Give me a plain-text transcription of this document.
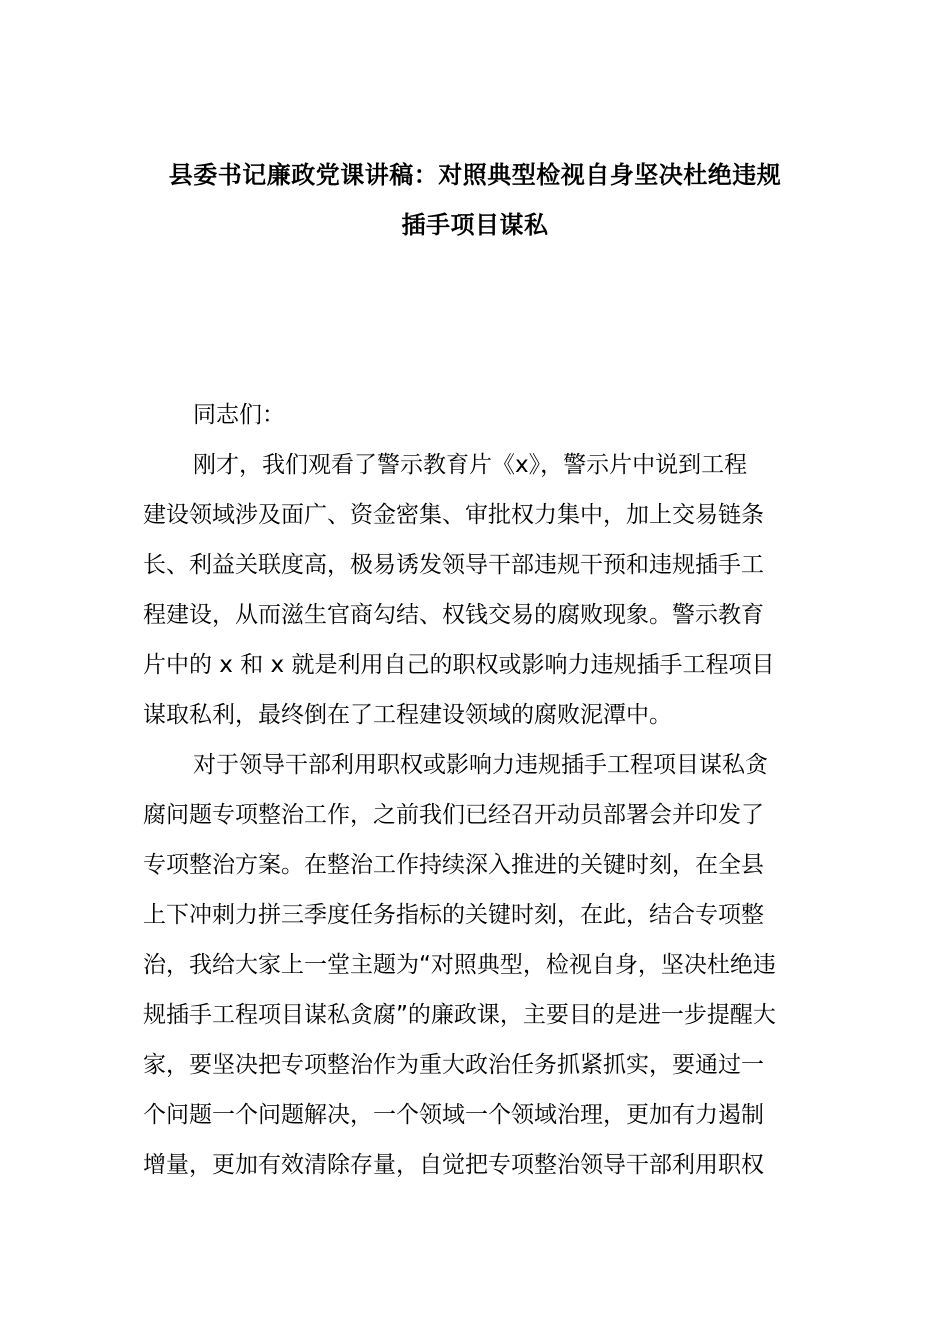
县委书记廉政党课讲稿：对照典型检视自身坚决杜绝违规
插手项目谋私

同志们：

刚才，我们观看了警示教育片《x》，警示片中说到工程
建设领域涉及面广、资金密集、审批权力集中，加上交易链条
长、利益关联度高，极易诱发领导干部违规干预和违规插手工
程建设，从而滋生官商勾结、权钱交易的腐败现象。警示教育
片中的 x 和 x 就是利用自己的职权或影响力违规插手工程项目
谋取私利，最终倒在了工程建设领域的腐败泥潭中。

对于领导干部利用职权或影响力违规插手工程项目谋私贪
腐问题专项整治工作，之前我们已经召开动员部署会并印发了
专项整治方案。在整治工作持续深入推进的关键时刻，在全县
上下冲刺力拼三季度任务指标的关键时刻，在此，结合专项整
治，我给大家上一堂主题为“对照典型，检视自身，坚决杜绝违
规插手工程项目谋私贪腐”的廉政课，主要目的是进一步提醒大
家，要坚决把专项整治作为重大政治任务抓紧抓实，要通过一
个问题一个问题解决，一个领域一个领域治理，更加有力遏制
增量，更加有效清除存量，自觉把专项整治领导干部利用职权
